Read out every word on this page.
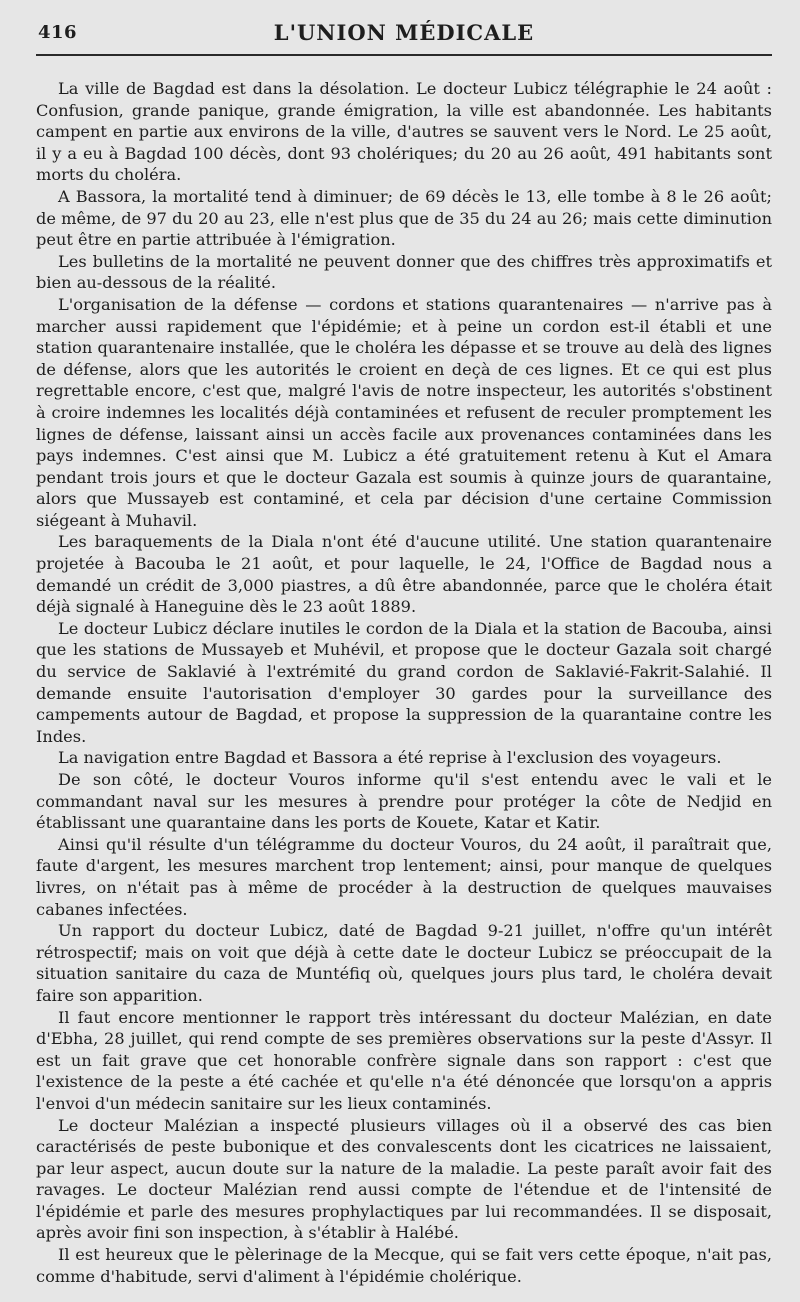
416	L'UNION MÉDICALE

La ville de Bagdad est dans la désolation. Le docteur Lubicz télégraphie le 24 août : Confusion, grande panique, grande émigration, la ville est abandonnée. Les habitants campent en partie aux environs de la ville, d'autres se sauvent vers le Nord. Le 25 août, il y a eu à Bagdad 100 décès, dont 93 cholériques; du 20 au 26 août, 491 habitants sont morts du choléra.

A Bassora, la mortalité tend à diminuer; de 69 décès le 13, elle tombe à 8 le 26 août; de même, de 97 du 20 au 23, elle n'est plus que de 35 du 24 au 26; mais cette diminution peut être en partie attribuée à l'émigration.

Les bulletins de la mortalité ne peuvent donner que des chiffres très approximatifs et bien au-dessous de la réalité.

L'organisation de la défense — cordons et stations quarantenaires — n'arrive pas à marcher aussi rapidement que l'épidémie; et à peine un cordon est-il établi et une station quarantenaire installée, que le choléra les dépasse et se trouve au delà des lignes de défense, alors que les autorités le croient en deçà de ces lignes. Et ce qui est plus regrettable encore, c'est que, malgré l'avis de notre inspecteur, les autorités s'obstinent à croire indemnes les localités déjà contaminées et refusent de reculer promptement les lignes de défense, laissant ainsi un accès facile aux provenances contaminées dans les pays indemnes. C'est ainsi que M. Lubicz a été gratuitement retenu à Kut el Amara pendant trois jours et que le docteur Gazala est soumis à quinze jours de quarantaine, alors que Mussayeb est contaminé, et cela par décision d'une certaine Commission siégeant à Muhavil.

Les baraquements de la Diala n'ont été d'aucune utilité. Une station quarantenaire projetée à Bacouba le 21 août, et pour laquelle, le 24, l'Office de Bagdad nous a demandé un crédit de 3,000 piastres, a dû être abandonnée, parce que le choléra était déjà signalé à Haneguine dès le 23 août 1889.

Le docteur Lubicz déclare inutiles le cordon de la Diala et la station de Bacouba, ainsi que les stations de Mussayeb et Muhévil, et propose que le docteur Gazala soit chargé du service de Saklavié à l'extrémité du grand cordon de Saklavié-Fakrit-Salahié. Il demande ensuite l'autorisation d'employer 30 gardes pour la surveillance des campements autour de Bagdad, et propose la suppression de la quarantaine contre les Indes.

La navigation entre Bagdad et Bassora a été reprise à l'exclusion des voyageurs.

De son côté, le docteur Vouros informe qu'il s'est entendu avec le vali et le commandant naval sur les mesures à prendre pour protéger la côte de Nedjid en établissant une quarantaine dans les ports de Kouete, Katar et Katir.

Ainsi qu'il résulte d'un télégramme du docteur Vouros, du 24 août, il paraîtrait que, faute d'argent, les mesures marchent trop lentement; ainsi, pour manque de quelques livres, on n'était pas à même de procéder à la destruction de quelques mauvaises cabanes infectées.

Un rapport du docteur Lubicz, daté de Bagdad 9-21 juillet, n'offre qu'un intérêt rétrospectif; mais on voit que déjà à cette date le docteur Lubicz se préoccupait de la situation sanitaire du caza de Muntéfiq où, quelques jours plus tard, le choléra devait faire son apparition.

Il faut encore mentionner le rapport très intéressant du docteur Malézian, en date d'Ebha, 28 juillet, qui rend compte de ses premières observations sur la peste d'Assyr. Il est un fait grave que cet honorable confrère signale dans son rapport : c'est que l'existence de la peste a été cachée et qu'elle n'a été dénoncée que lorsqu'on a appris l'envoi d'un médecin sanitaire sur les lieux contaminés.

Le docteur Malézian a inspecté plusieurs villages où il a observé des cas bien caractérisés de peste bubonique et des convalescents dont les cicatrices ne laissaient, par leur aspect, aucun doute sur la nature de la maladie. La peste paraît avoir fait des ravages. Le docteur Malézian rend aussi compte de l'étendue et de l'intensité de l'épidémie et parle des mesures prophylactiques par lui recommandées. Il se disposait, après avoir fini son inspection, à s'établir à Halébé.

Il est heureux que le pèlerinage de la Mecque, qui se fait vers cette époque, n'ait pas, comme d'habitude, servi d'aliment à l'épidémie cholérique.
